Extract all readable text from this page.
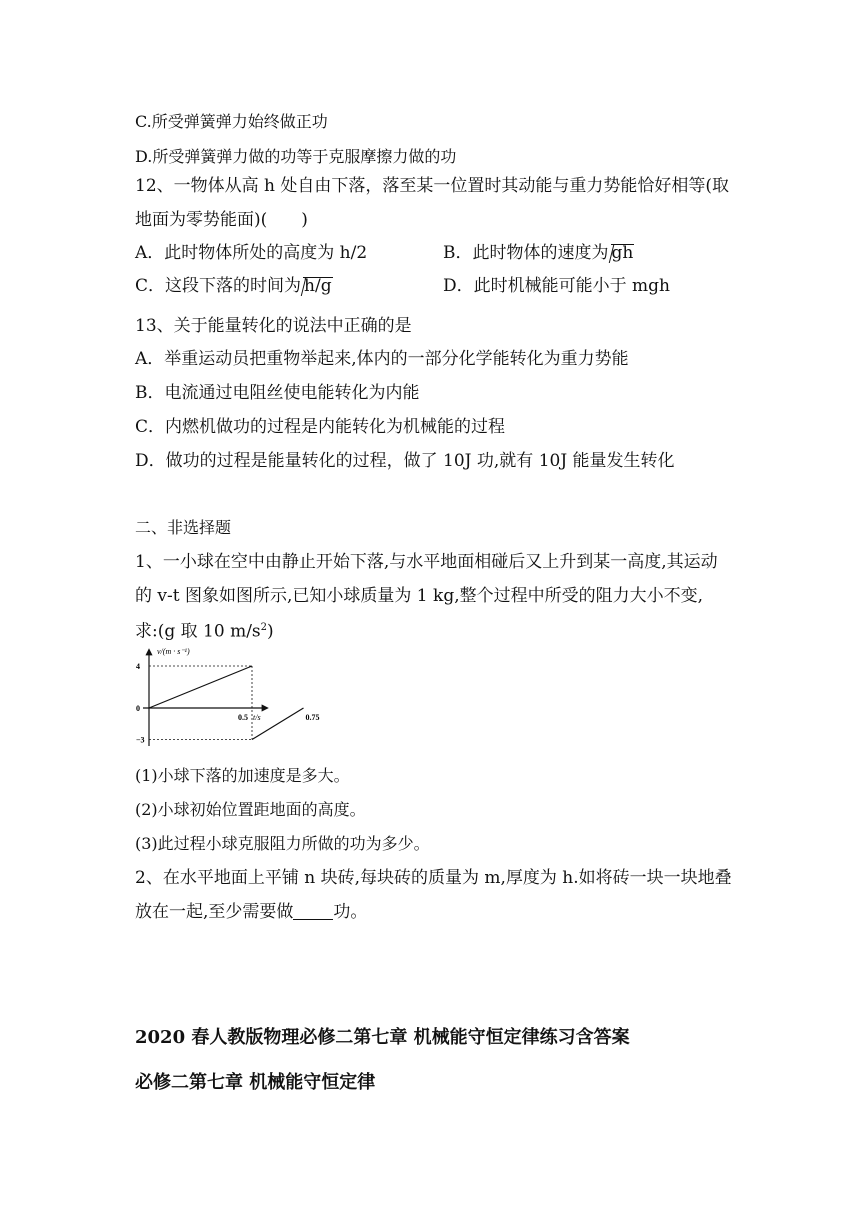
C.所受弹簧弹力始终做正功
D.所受弹簧弹力做的功等于克服摩擦力做的功
12、一物体从高 h 处自由下落，落至某一位置时其动能与重力势能恰好相等(取
地面为零势能面)(　　)
A．此时物体所处的高度为 h/2	B．此时物体的速度为 gh
C．这段下落的时间为 h/g	D．此时机械能可能小于 mgh
13、关于能量转化的说法中正确的是
A．举重运动员把重物举起来,体内的一部分化学能转化为重力势能
B．电流通过电阻丝使电能转化为内能
C．内燃机做功的过程是内能转化为机械能的过程
D．做功的过程是能量转化的过程，做了 10J 功,就有 10J 能量发生转化
二、非选择题
1、一小球在空中由静止开始下落,与水平地面相碰后又上升到某一高度,其运动
的 v-t 图象如图所示,已知小球质量为 1 kg,整个过程中所受的阻力大小不变,
求:(g 取 10 $m/s^2$)
v/(m · s⁻¹)
t/s
4
0
−3
0.5	0.75
(1)小球下落的加速度是多大。
(2)小球初始位置距地面的高度。
(3)此过程小球克服阻力所做的功为多少。
2、在水平地面上平铺 n 块砖,每块砖的质量为 m,厚度为 h.如将砖一块一块地叠
放在一起,至少需要做 功。
2020 春人教版物理必修二第七章 机械能守恒定律练习含答案
必修二第七章 机械能守恒定律
